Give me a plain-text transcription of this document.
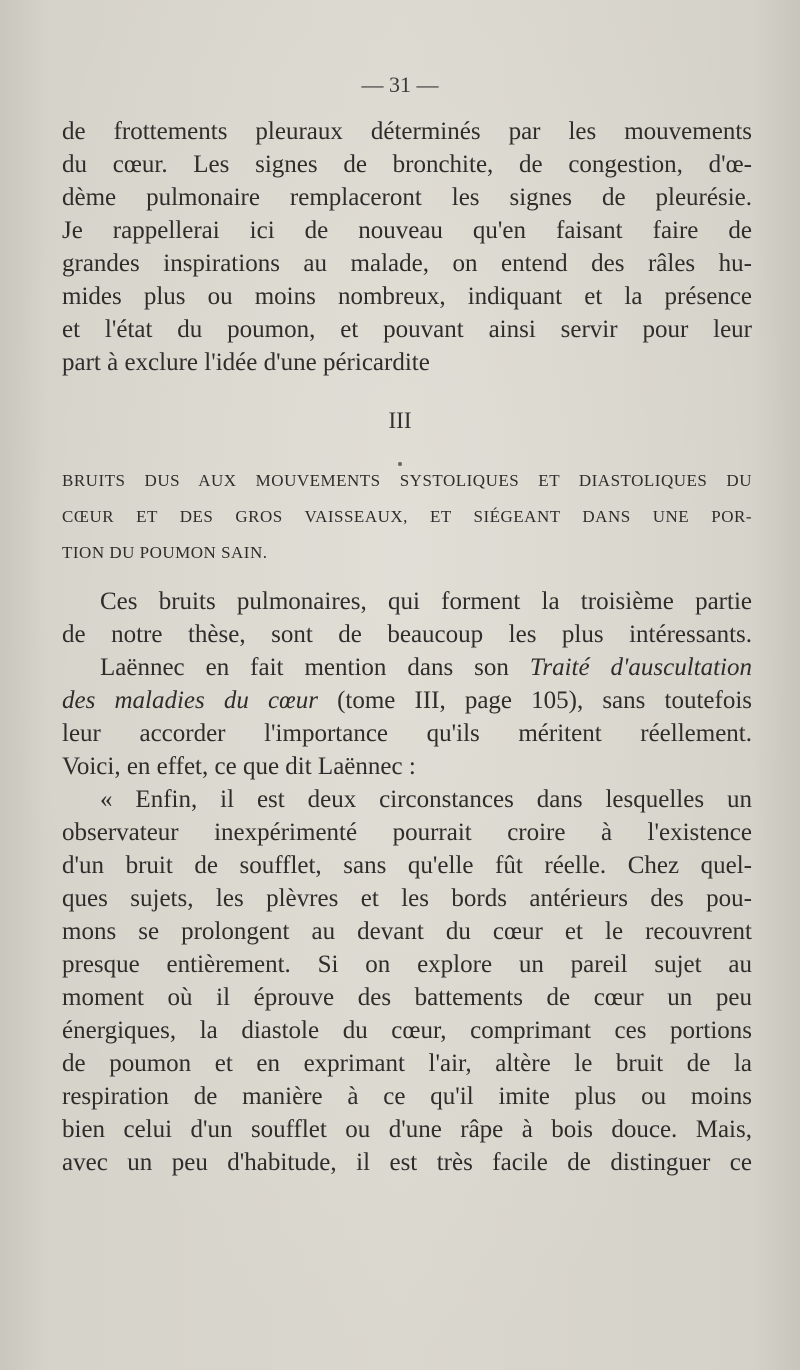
— 31 —
de frottements pleuraux déterminés par les mouvements
du cœur. Les signes de bronchite, de congestion, d'œ-
dème pulmonaire remplaceront les signes de pleurésie.
Je rappellerai ici de nouveau qu'en faisant faire de
grandes inspirations au malade, on entend des râles hu-
mides plus ou moins nombreux, indiquant et la présence
et l'état du poumon, et pouvant ainsi servir pour leur
part à exclure l'idée d'une péricardite
III
BRUITS DUS AUX MOUVEMENTS SYSTOLIQUES ET DIASTOLIQUES DU
CŒUR ET DES GROS VAISSEAUX, ET SIÉGEANT DANS UNE POR-
TION DU POUMON SAIN.
Ces bruits pulmonaires, qui forment la troisième partie
de notre thèse, sont de beaucoup les plus intéressants.
Laënnec en fait mention dans son Traité d'auscultation
des maladies du cœur (tome III, page 105), sans toutefois
leur accorder l'importance qu'ils méritent réellement.
Voici, en effet, ce que dit Laënnec :
« Enfin, il est deux circonstances dans lesquelles un
observateur inexpérimenté pourrait croire à l'existence
d'un bruit de soufflet, sans qu'elle fût réelle. Chez quel-
ques sujets, les plèvres et les bords antérieurs des pou-
mons se prolongent au devant du cœur et le recouvrent
presque entièrement. Si on explore un pareil sujet au
moment où il éprouve des battements de cœur un peu
énergiques, la diastole du cœur, comprimant ces portions
de poumon et en exprimant l'air, altère le bruit de la
respiration de manière à ce qu'il imite plus ou moins
bien celui d'un soufflet ou d'une râpe à bois douce. Mais,
avec un peu d'habitude, il est très facile de distinguer ce
